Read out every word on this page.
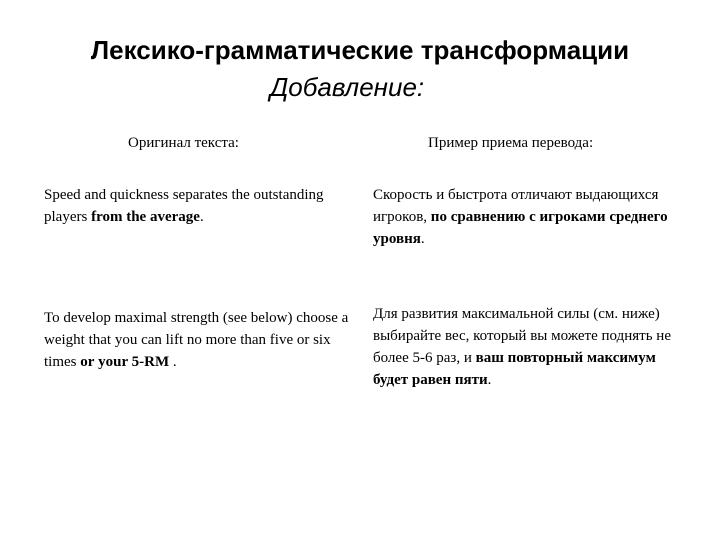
Лексико-грамматические трансформации
Добавление:
Оригинал текста:	Пример приема перевода:
Speed and quickness separates the outstanding players from the average.
Скорость и быстрота отличают выдающихся игроков, по сравнению с игроками среднего уровня.
To develop maximal strength (see below) choose a weight that you can lift no more than five or six times or your 5-RM .
Для развития максимальной силы (см. ниже) выбирайте вес, который вы можете поднять не более 5-6 раз, и ваш повторный максимум будет равен пяти.
